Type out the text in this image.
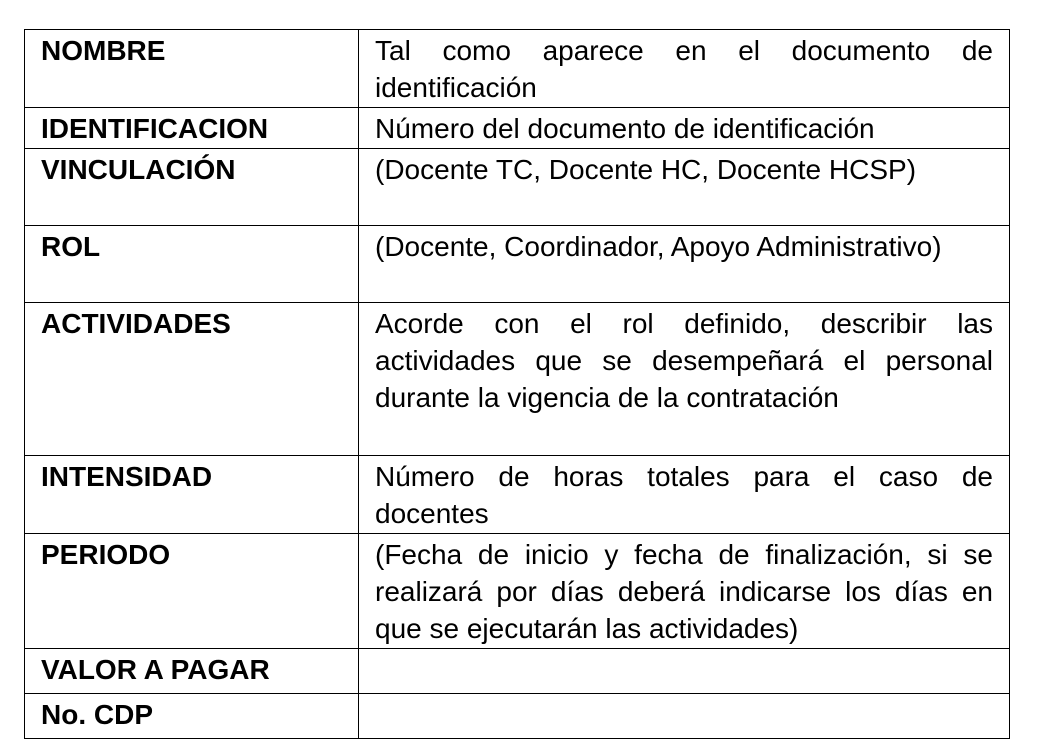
NOMBRE	Tal como aparece en el documento de identificación
IDENTIFICACION	Número del documento de identificación
VINCULACIÓN	(Docente TC, Docente HC, Docente HCSP)
ROL	(Docente, Coordinador, Apoyo Administrativo)
ACTIVIDADES	Acorde con el rol definido, describir las actividades que se desempeñará el personal durante la vigencia de la contratación
INTENSIDAD	Número de horas totales para el caso de docentes
PERIODO	(Fecha de inicio y fecha de finalización, si se realizará por días deberá indicarse los días en que se ejecutarán las actividades)
VALOR A PAGAR	
No. CDP	
